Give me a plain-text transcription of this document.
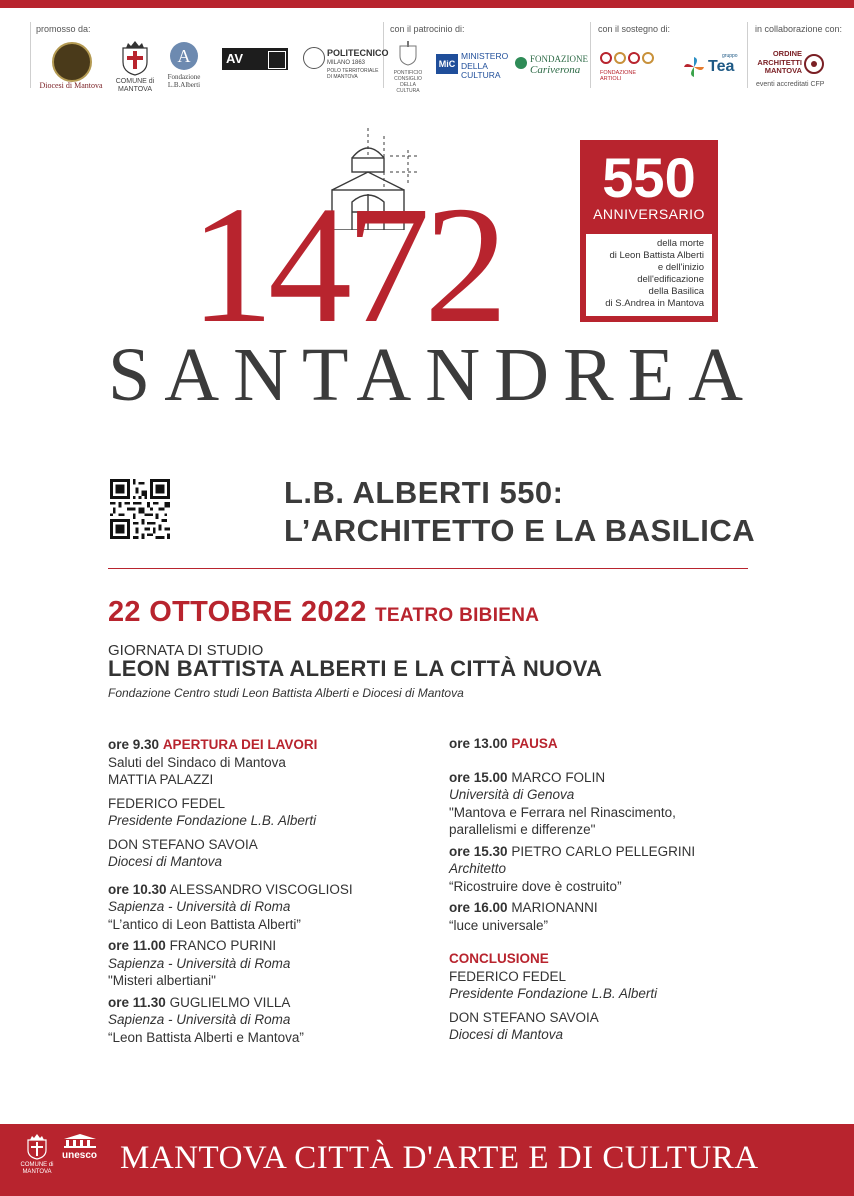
promosso da:	con il patrocinio di:	con il sostegno di:	in collaborazione con:
Diocesi di Mantova	COMUNE di MANTOVA
A
Fondazione L.B.Alberti
AV	POLITECNICO
MILANO 1863
POLO TERRITORIALE DI MANTOVA
PONTIFICIO CONSIGLIO DELLA CULTURA
MiC
MINISTERO DELLA CULTURA
FONDAZIONE
Cariverona	FONDAZIONE ARTIOLI
Tea
gruppo	ORDINE ARCHITETTI MANTOVA
eventi accreditati CFP
1472
SANTANDREA
550
ANNIVERSARIO
della morte
di Leon Battista Alberti
e dell'inizio
dell'edificazione
della Basilica
di S.Andrea in Mantova
L.B. ALBERTI 550:
L’ARCHITETTO E LA BASILICA
22 OTTOBRE 2022 TEATRO BIBIENA
GIORNATA DI STUDIO
LEON BATTISTA ALBERTI E LA CITTÀ NUOVA
Fondazione Centro studi Leon Battista Alberti e Diocesi di Mantova
ore 9.30 APERTURA DEI LAVORI
Saluti del Sindaco di Mantova
MATTIA PALAZZI
FEDERICO FEDEL
Presidente Fondazione L.B. Alberti
DON STEFANO SAVOIA
Diocesi di Mantova
ore 10.30 ALESSANDRO VISCOGLIOSI
Sapienza - Università di Roma
“L’antico di Leon Battista Alberti”
ore 11.00 FRANCO PURINI
Sapienza - Università di Roma
"Misteri albertiani"
ore 11.30 GUGLIELMO VILLA
Sapienza - Università di Roma
“Leon Battista Alberti e Mantova”
ore 13.00 PAUSA
ore 15.00 MARCO FOLIN
Università di Genova
"Mantova e Ferrara nel Rinascimento,
parallelismi e differenze"
ore 15.30 PIETRO CARLO PELLEGRINI
Architetto
“Ricostruire dove è costruito”
ore 16.00 MARIONANNI
“luce universale”
CONCLUSIONE
FEDERICO FEDEL
Presidente Fondazione L.B. Alberti
DON STEFANO SAVOIA
Diocesi di Mantova
COMUNE di MANTOVA
unesco MANTOVA CITTÀ D'ARTE E DI CULTURA
